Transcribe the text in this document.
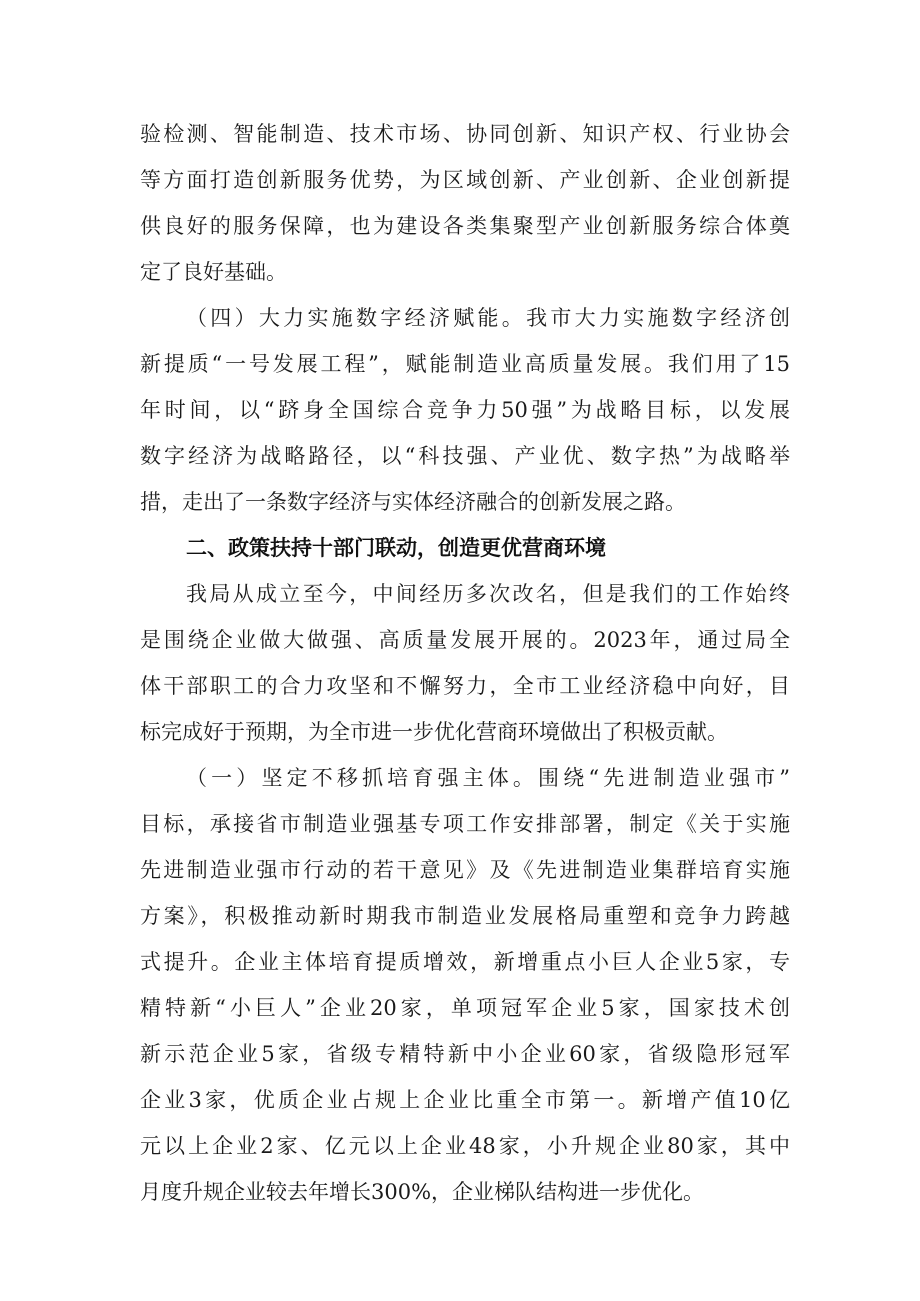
验检测、智能制造、技术市场、协同创新、知识产权、行业协会
等方面打造创新服务优势，为区域创新、产业创新、企业创新提
供良好的服务保障，也为建设各类集聚型产业创新服务综合体奠
定了良好基础。
（四）大力实施数字经济赋能。我市大力实施数字经济创
新提质“一号发展工程”，赋能制造业高质量发展。我们用了15
年时间，以“跻身全国综合竞争力50强”为战略目标，以发展
数字经济为战略路径，以“科技强、产业优、数字热”为战略举
措，走出了一条数字经济与实体经济融合的创新发展之路。
二、政策扶持十部门联动，创造更优营商环境
我局从成立至今，中间经历多次改名，但是我们的工作始终
是围绕企业做大做强、高质量发展开展的。2023年，通过局全
体干部职工的合力攻坚和不懈努力，全市工业经济稳中向好，目
标完成好于预期，为全市进一步优化营商环境做出了积极贡献。
（一）坚定不移抓培育强主体。围绕“先进制造业强市”
目标，承接省市制造业强基专项工作安排部署，制定《关于实施
先进制造业强市行动的若干意见》及《先进制造业集群培育实施
方案》，积极推动新时期我市制造业发展格局重塑和竞争力跨越
式提升。企业主体培育提质增效，新增重点小巨人企业5家，专
精特新“小巨人”企业20家，单项冠军企业5家，国家技术创
新示范企业5家，省级专精特新中小企业60家，省级隐形冠军
企业3家，优质企业占规上企业比重全市第一。新增产值10亿
元以上企业2家、亿元以上企业48家，小升规企业80家，其中
月度升规企业较去年增长300%，企业梯队结构进一步优化。
